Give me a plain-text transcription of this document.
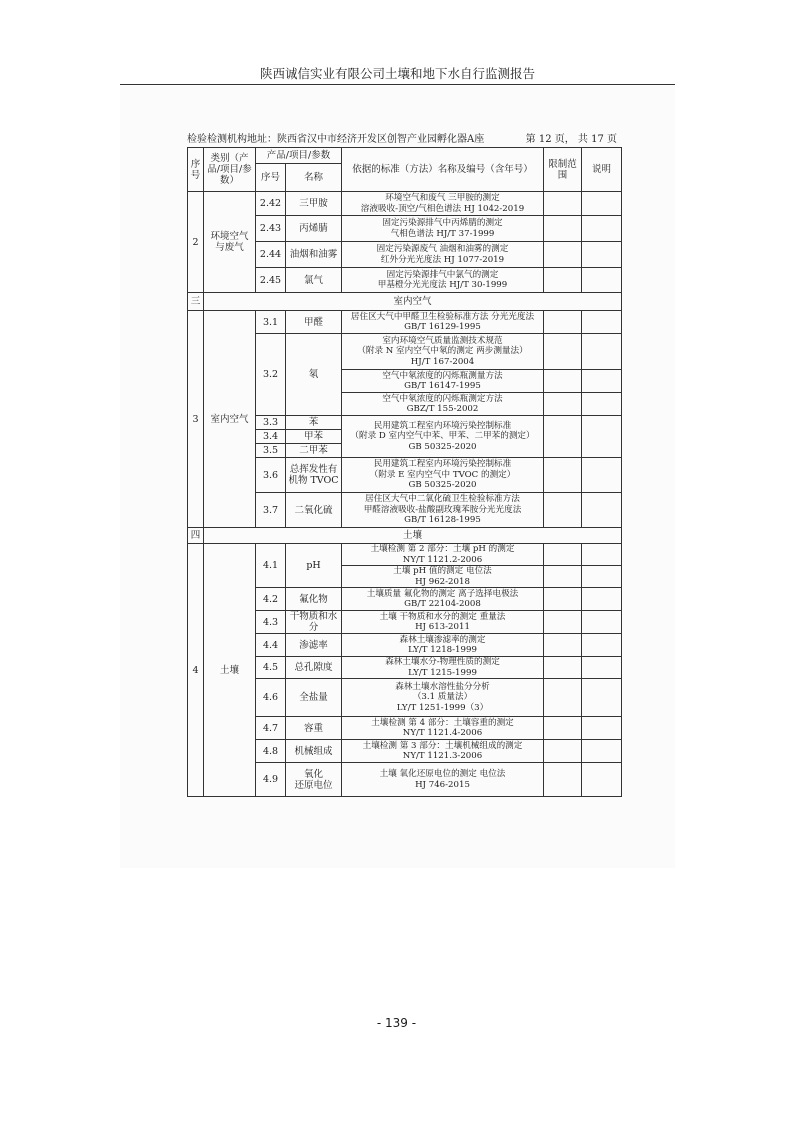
陕西诚信实业有限公司土壤和地下水自行监测报告
检验检测机构地址：陕西省汉中市经济开发区创智产业园孵化器A座	第 12 页， 共 17 页
序号	类别（产品/项目/参数）	产品/项目/参数		依据的标准（方法）名称及编号（含年号）	限制范围	说明
		序号	名称			
2	环境空气与废气	2.42	三甲胺	环境空气和废气 三甲胺的测定
溶液吸收-顶空/气相色谱法 HJ 1042-2019		
		2.43	丙烯腈	固定污染源排气中丙烯腈的测定
气相色谱法 HJ/T 37-1999		
		2.44	油烟和油雾	固定污染源废气 油烟和油雾的测定
红外分光光度法 HJ 1077-2019		
		2.45	氯气	固定污染源排气中氯气的测定
甲基橙分光光度法 HJ/T 30-1999		
三	室内空气					
3	室内空气	3.1	甲醛	居住区大气中甲醛卫生检验标准方法 分光光度法
GB/T 16129-1995		
		3.2	氡	室内环境空气质量监测技术规范
（附录 N 室内空气中氡的测定 两步测量法）
HJ/T 167-2004		
				空气中氡浓度的闪烁瓶测量方法
GB/T 16147-1995		
				空气中氡浓度的闪烁瓶测定方法
GBZ/T 155-2002		
		3.3	苯	民用建筑工程室内环境污染控制标准
（附录 D 室内空气中苯、甲苯、二甲苯的测定）
GB 50325-2020		
		3.4	甲苯			
		3.5	二甲苯			
		3.6	总挥发性有机物 TVOC	民用建筑工程室内环境污染控制标准
（附录 E 室内空气中 TVOC 的测定）
GB 50325-2020		
		3.7	二氧化硫	居住区大气中二氧化硫卫生检验标准方法
甲醛溶液吸收-盐酸副玫瑰苯胺分光光度法
GB/T 16128-1995		
四	土壤					
4	土壤	4.1	pH	土壤检测 第 2 部分：土壤 pH 的测定
NY/T 1121.2-2006		
				土壤 pH 值的测定 电位法
HJ 962-2018		
		4.2	氟化物	土壤质量 氟化物的测定 离子选择电极法
GB/T 22104-2008		
		4.3	干物质和水分	土壤 干物质和水分的测定 重量法
HJ 613-2011		
		4.4	渗滤率	森林土壤渗滤率的测定
LY/T 1218-1999		
		4.5	总孔隙度	森林土壤水分-物理性质的测定
LY/T 1215-1999		
		4.6	全盐量	森林土壤水溶性盐分分析
（3.1 质量法）
LY/T 1251-1999（3）		
		4.7	容重	土壤检测 第 4 部分：土壤容重的测定
NY/T 1121.4-2006		
		4.8	机械组成	土壤检测 第 3 部分：土壤机械组成的测定
NY/T 1121.3-2006		
		4.9	氧化
还原电位	土壤 氧化还原电位的测定 电位法
HJ 746-2015		
- 139 -
